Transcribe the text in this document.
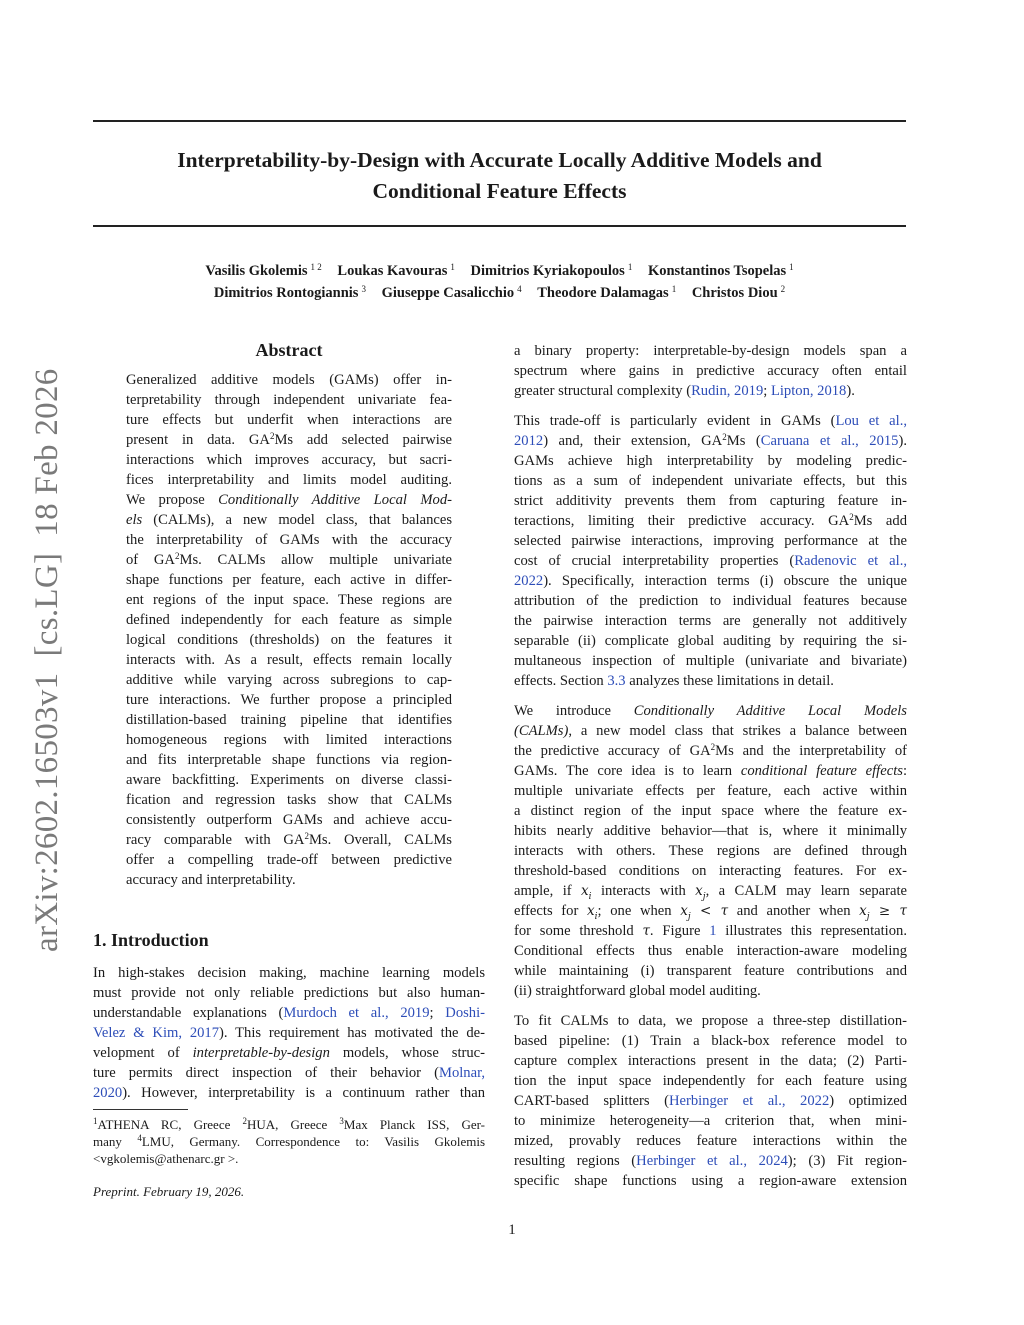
arXiv:2602.16503v1[cs.LG]18 Feb 2026
Interpretability-by-Design with Accurate Locally Additive Models and
Conditional Feature Effects
Vasilis Gkolemis $^{1 2}$ Loukas Kavouras $^1$ Dimitrios Kyriakopoulos $^1$ Konstantinos Tsopelas $^1$
Dimitrios Rontogiannis $^3$ Giuseppe Casalicchio $^4$ Theodore Dalamagas $^1$ Christos Diou $^2$
Abstract
Generalized additive models (GAMs) offer in-
terpretability through independent univariate fea-
ture effects but underfit when interactions are
present in data. $GA^2Ms$ add selected pairwise
interactions which improves accuracy, but sacri-
fices interpretability and limits model auditing.
We propose Conditionally Additive Local Mod-
els (CALMs), a new model class, that balances
the interpretability of GAMs with the accuracy
of $GA^2Ms$. CALMs allow multiple univariate
shape functions per feature, each active in differ-
ent regions of the input space. These regions are
defined independently for each feature as simple
logical conditions (thresholds) on the features it
interacts with. As a result, effects remain locally
additive while varying across subregions to cap-
ture interactions. We further propose a principled
distillation-based training pipeline that identifies
homogeneous regions with limited interactions
and fits interpretable shape functions via region-
aware backfitting. Experiments on diverse classi-
fication and regression tasks show that CALMs
consistently outperform GAMs and achieve accu-
racy comparable with $GA^2Ms$. Overall, CALMs
offer a compelling trade-off between predictive
accuracy and interpretability.
1. Introduction
In high-stakes decision making, machine learning models
must provide not only reliable predictions but also human-
understandable explanations (Murdoch et al., 2019; Doshi-
Velez & Kim, 2017). This requirement has motivated the de-
velopment of interpretable-by-design models, whose struc-
ture permits direct inspection of their behavior (Molnar,
2020). However, interpretability is a continuum rather than
$^1$ATHENA RC, Greece $^2$HUA, Greece $^3$Max Planck ISS, Ger-
many $^4$LMU, Germany. Correspondence to: Vasilis Gkolemis
<vgkolemis@athenarc.gr >.
Preprint. February 19, 2026.
a binary property: interpretable-by-design models span a
spectrum where gains in predictive accuracy often entail
greater structural complexity (Rudin, 2019; Lipton, 2018).
This trade-off is particularly evident in GAMs (Lou et al.,
2012) and, their extension, $GA^2Ms$ (Caruana et al., 2015).
GAMs achieve high interpretability by modeling predic-
tions as a sum of independent univariate effects, but this
strict additivity prevents them from capturing feature in-
teractions, limiting their predictive accuracy. $GA^2Ms$ add
selected pairwise interactions, improving performance at the
cost of crucial interpretability properties (Radenovic et al.,
2022). Specifically, interaction terms (i) obscure the unique
attribution of the prediction to individual features because
the pairwise interaction terms are generally not additively
separable (ii) complicate global auditing by requiring the si-
multaneous inspection of multiple (univariate and bivariate)
effects. Section 3.3 analyzes these limitations in detail.
We introduce Conditionally Additive Local Models
(CALMs), a new model class that strikes a balance between
the predictive accuracy of $GA^2Ms$ and the interpretability of
GAMs. The core idea is to learn conditional feature effects:
multiple univariate effects per feature, each active within
a distinct region of the input space where the feature ex-
hibits nearly additive behavior—that is, where it minimally
interacts with others. These regions are defined through
threshold-based conditions on interacting features. For ex-
ample, if $x_i$ interacts with $x_j$, a CALM may learn separate
effects for $x_i$; one when $x_j < \tau$ and another when $x_j \ge \tau$
for some threshold τ. Figure 1 illustrates this representation.
Conditional effects thus enable interaction-aware modeling
while maintaining (i) transparent feature contributions and
(ii) straightforward global model auditing.
To fit CALMs to data, we propose a three-step distillation-
based pipeline: (1) Train a black-box reference model to
capture complex interactions present in the data; (2) Parti-
tion the input space independently for each feature using
CART-based splitters (Herbinger et al., 2022) optimized
to minimize heterogeneity—a criterion that, when mini-
mized, provably reduces feature interactions within the
resulting regions (Herbinger et al., 2024); (3) Fit region-
specific shape functions using a region-aware extension
1
